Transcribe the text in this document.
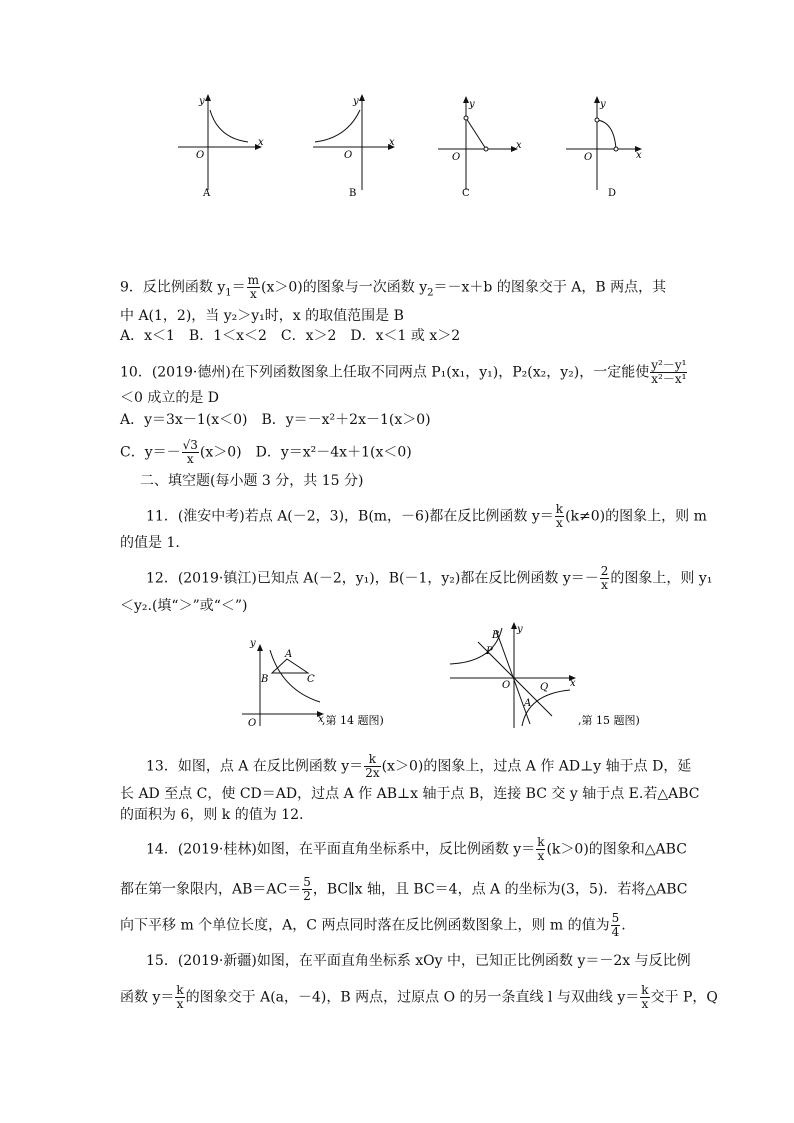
y
x
O
A
y
x
O
B
y
x
O
C
y
x
O
D
9．反比例函数 $y_1= \frac{m}{x} (x>0)$的图象与一次函数 $y_2=-x+b$ 的图象交于 A，B 两点，其
中 A(1，2)，当 y₂＞y₁时，x 的取值范围是 B
A．x＜1　B．1＜x＜2　C．x＞2　D．x＜1 或 x＞2
10．(2019·德州)在下列函数图象上任取不同两点 P₁(x₁，y₁)，P₂(x₂，y₂)，一定能使 $\frac{\text{y²－y¹}}{\text{x²－x¹}}$
＜0 成立的是 D
A．y＝3x－1(x＜0)　B．y＝－x²＋2x－1(x＞0)
C．$y=- \frac{√3}{x} (x>0)$　D．y＝x²－4x＋1(x＜0)
二、填空题(每小题 3 分，共 15 分)
11．(淮安中考)若点 A(－2，3)，B(m，－6)都在反比例函数 $y= \frac{k}{x} (k\ne 0)$的图象上，则 m
的值是 1.
12．(2019·镇江)已知点 A(－2，y₁)，B(－1，y₂)都在反比例函数 $y=- \frac{2}{x}$ 的图象上，则 y₁
＜y₂.(填“＞”或“＜”)
A
B	C
y
O	x
,第 14 题图)
B
P
Q
A
y
O	x
,第 15 题图)
13．如图，点 A 在反比例函数 $y= \frac{k}{2x} (x>0)$的图象上，过点 A 作 AD⊥y 轴于点 D，延
长 AD 至点 C，使 CD＝AD，过点 A 作 AB⊥x 轴于点 B，连接 BC 交 y 轴于点 E.若△ABC
的面积为 6，则 k 的值为 12.
14．(2019·桂林)如图，在平面直角坐标系中，反比例函数 $y= \frac{k}{x} (k>0)$的图象和△ABC
都在第一象限内，$AB=AC= \frac{5}{2}$ ，BC∥x 轴，且 BC＝4，点 A 的坐标为(3，5)．若将△ABC
向下平移 m 个单位长度，A，C 两点同时落在反比例函数图象上，则 m 的值为 $\frac{5}{4}$ .
15．(2019·新疆)如图，在平面直角坐标系 xOy 中，已知正比例函数 y＝－2x 与反比例
函数 $y= \frac{k}{x}$ 的图象交于 A(a，－4)，B 两点，过原点 O 的另一条直线 l 与双曲线 $y= \frac{k}{x}$ 交于 P，Q
